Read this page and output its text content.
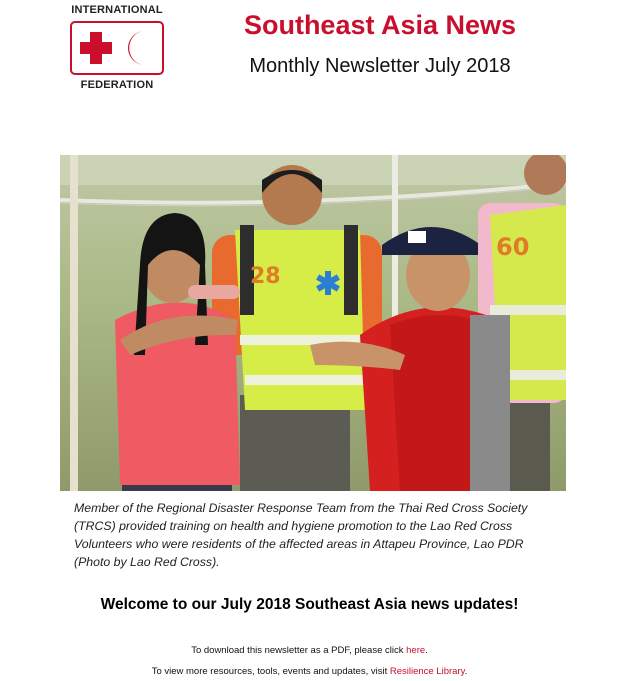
INTERNATIONAL
FEDERATION
Southeast Asia News
Monthly Newsletter July 2018
60
28
Member of the Regional Disaster Response Team from the Thai Red Cross Society (TRCS) provided training on health and hygiene promotion to the Lao Red Cross Volunteers who were residents of the affected areas in Attapeu Province, Lao PDR (Photo by Lao Red Cross).
Welcome to our July 2018 Southeast Asia news updates!
To download this newsletter as a PDF, please click here.
To view more resources, tools, events and updates, visit Resilience Library.
